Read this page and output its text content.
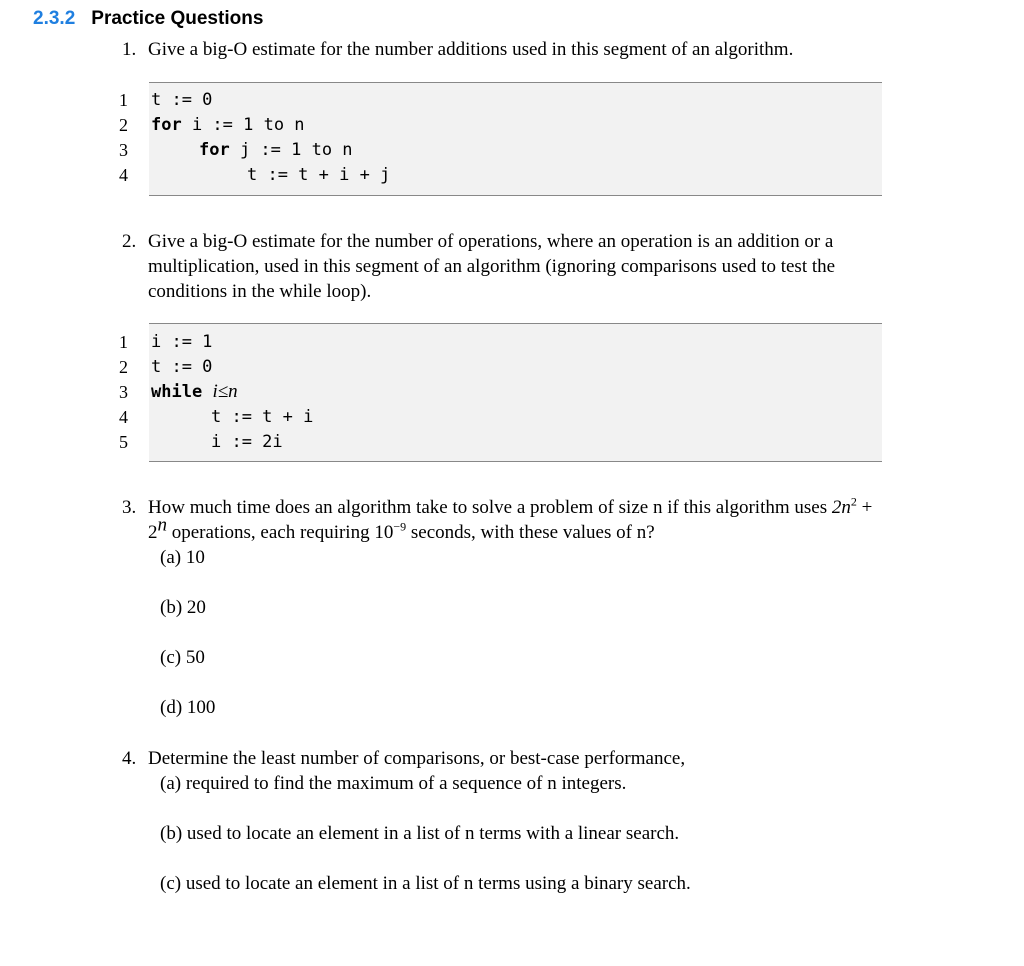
2.3.2 Practice Questions
1. Give a big-O estimate for the number additions used in this segment of an algorithm.
1
2
3
4
t := 0
for i := 1 to n
for j := 1 to n
t := t + i + j
2. Give a big-O estimate for the number of operations, where an operation is an addition or a multiplication, used in this segment of an algorithm (ignoring comparisons used to test the conditions in the while loop).
1
2
3
4
5
i := 1
t := 0
while i≤n
t := t + i
i := 2i
3. How much time does an algorithm take to solve a problem of size n if this algorithm uses $2n^2 + 2^n$ operations, each requiring $10^{-9}$ seconds, with these values of n?
(a) 10
(b) 20
(c) 50
(d) 100
4. Determine the least number of comparisons, or best-case performance,
(a) required to find the maximum of a sequence of n integers.
(b) used to locate an element in a list of n terms with a linear search.
(c) used to locate an element in a list of n terms using a binary search.
